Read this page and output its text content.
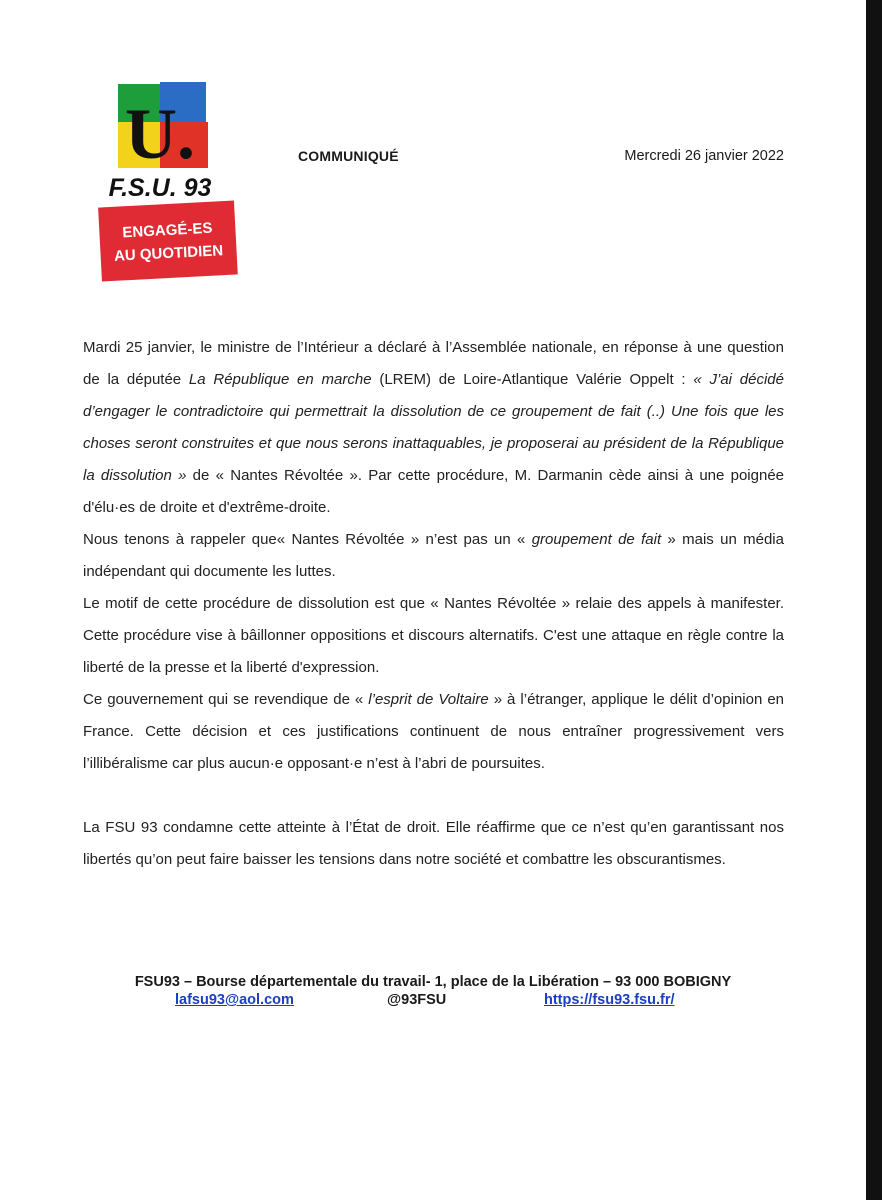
U.
F.S.U. 93
ENGAGÉ-ES
AU QUOTIDIEN
COMMUNIQUÉ	Mercredi 26 janvier 2022

Mardi 25 janvier, le ministre de l’Intérieur a déclaré à l’Assemblée nationale, en réponse à une question de la députée La République en marche (LREM) de Loire-Atlantique Valérie Oppelt : « J’ai décidé d’engager le contradictoire qui permettrait la dissolution de ce groupement de fait (..) Une fois que les choses seront construites et que nous serons inattaquables, je proposerai au président de la République la dissolution » de « Nantes Révoltée ». Par cette procédure, M. Darmanin cède ainsi à une poignée d'élu·es de droite et d'extrême-droite.

Nous tenons à rappeler que« Nantes Révoltée » n’est pas un « groupement de fait » mais un média indépendant qui documente les luttes.

Le motif de cette procédure de dissolution est que « Nantes Révoltée » relaie des appels à manifester. Cette procédure vise à bâillonner oppositions et discours alternatifs. C'est une attaque en règle contre la liberté de la presse et la liberté d'expression.

Ce gouvernement qui se revendique de « l’esprit de Voltaire » à l’étranger, applique le délit d’opinion en France. Cette décision et ces justifications continuent de nous entraîner progressivement vers l’illibéralisme car plus aucun·e opposant·e n’est à l’abri de poursuites.

La FSU 93 condamne cette atteinte à l’État de droit. Elle réaffirme que ce n’est qu’en garantissant nos libertés qu’on peut faire baisser les tensions dans notre société et combattre les obscurantismes.

FSU93 – Bourse départementale du travail- 1, place de la Libération – 93 000 BOBIGNY
lafsu93@aol.com	@93FSU	https://fsu93.fsu.fr/
